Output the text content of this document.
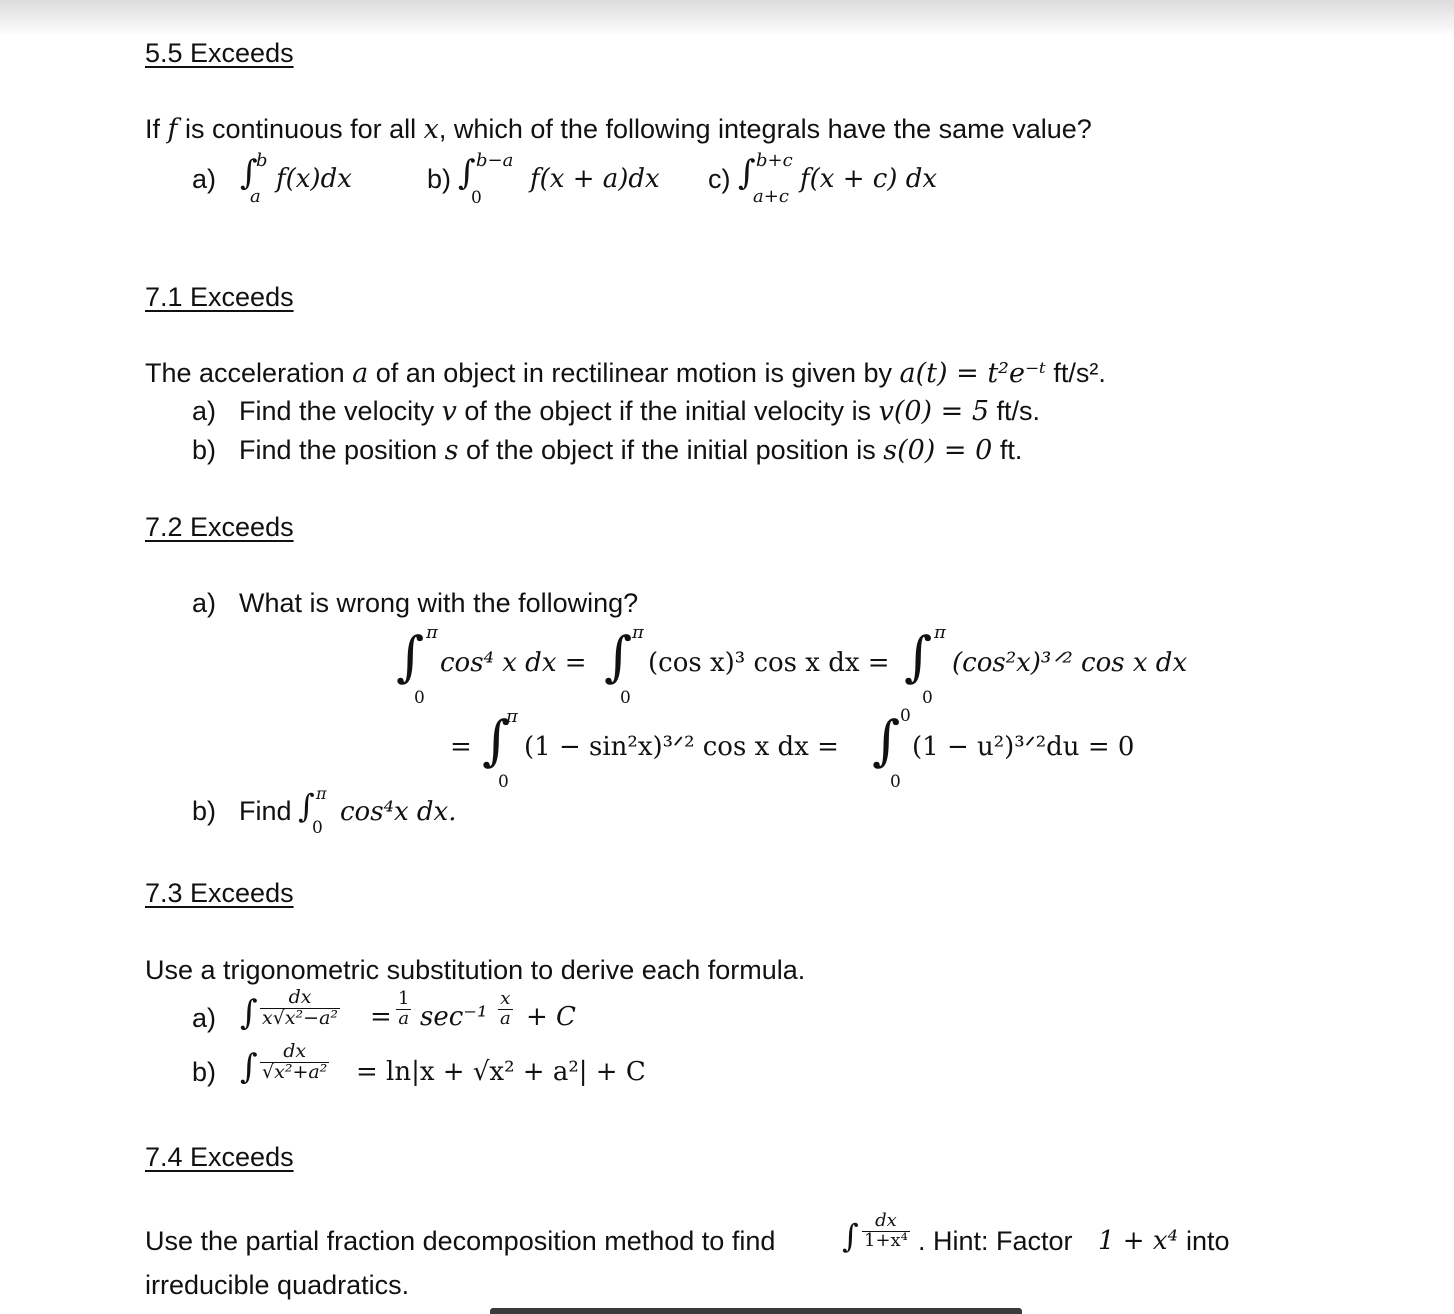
5.5 Exceeds
If f is continuous for all x, which of the following integrals have the same value?
a) ∫
b
a
f(x)dx	b) ∫ b−a
0
f(x + a)dx c) ∫ b+c
a+c
f(x + c) dx
7.1 Exceeds
The acceleration a of an object in rectilinear motion is given by a(t) = t²e⁻ᵗ ft/s².
a) Find the velocity v of the object if the initial velocity is v(0) = 5 ft/s.
b) Find the position s of the object if the initial position is s(0) = 0 ft.
7.2 Exceeds
a) What is wrong with the following?
∫ π
0
cos⁴ x dx = ∫ π
0
(cos x)³ cos x dx = ∫ π
0
(cos²x)³ᐟ² cos x dx
= ∫
π
0
(1 − sin²x)³ᐟ² cos x dx = ∫ 0
0
(1 − u²)³ᐟ²du = 0
b) Find ∫ π
0
cos⁴x dx.
7.3 Exceeds
Use a trigonometric substitution to derive each formula.
a) ∫ $\frac{dx}{\text{x√x²−a²}} = \frac{1}{a} \sec^{-1} \frac{x}{a} + C$
b) ∫ $\frac{dx}{\text{√x²+a²}} = \ln|x + √x^2 + a^2| + C$
7.4 Exceeds
Use the partial fraction decomposition method to find ∫ $\frac{dx}{\text{1+x⁴}}$ . Hint: Factor 1 + x⁴ into
irreducible quadratics.
